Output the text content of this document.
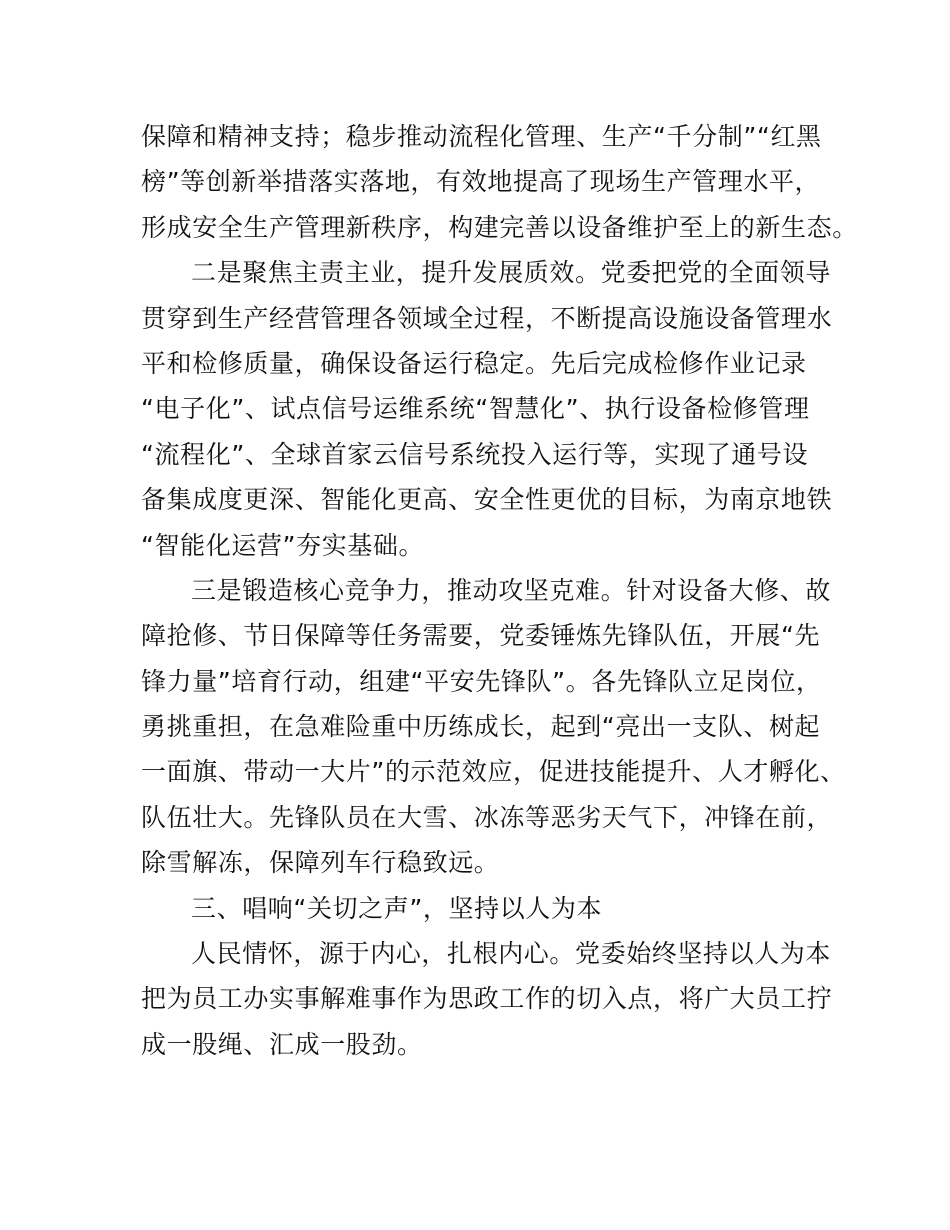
保障和精神支持；稳步推动流程化管理、生产“千分制”“红黑
榜”等创新举措落实落地，有效地提高了现场生产管理水平，
形成安全生产管理新秩序，构建完善以设备维护至上的新生态。
二是聚焦主责主业，提升发展质效。党委把党的全面领导
贯穿到生产经营管理各领域全过程，不断提高设施设备管理水
平和检修质量，确保设备运行稳定。先后完成检修作业记录
“电子化”、试点信号运维系统“智慧化”、执行设备检修管理
“流程化”、全球首家云信号系统投入运行等，实现了通号设
备集成度更深、智能化更高、安全性更优的目标，为南京地铁
“智能化运营”夯实基础。
三是锻造核心竞争力，推动攻坚克难。针对设备大修、故
障抢修、节日保障等任务需要，党委锤炼先锋队伍，开展“先
锋力量”培育行动，组建“平安先锋队”。各先锋队立足岗位，
勇挑重担，在急难险重中历练成长，起到“亮出一支队、树起
一面旗、带动一大片”的示范效应，促进技能提升、人才孵化、
队伍壮大。先锋队员在大雪、冰冻等恶劣天气下，冲锋在前，
除雪解冻，保障列车行稳致远。
三、唱响“关切之声”，坚持以人为本
人民情怀，源于内心，扎根内心。党委始终坚持以人为本
把为员工办实事解难事作为思政工作的切入点，将广大员工拧
成一股绳、汇成一股劲。
